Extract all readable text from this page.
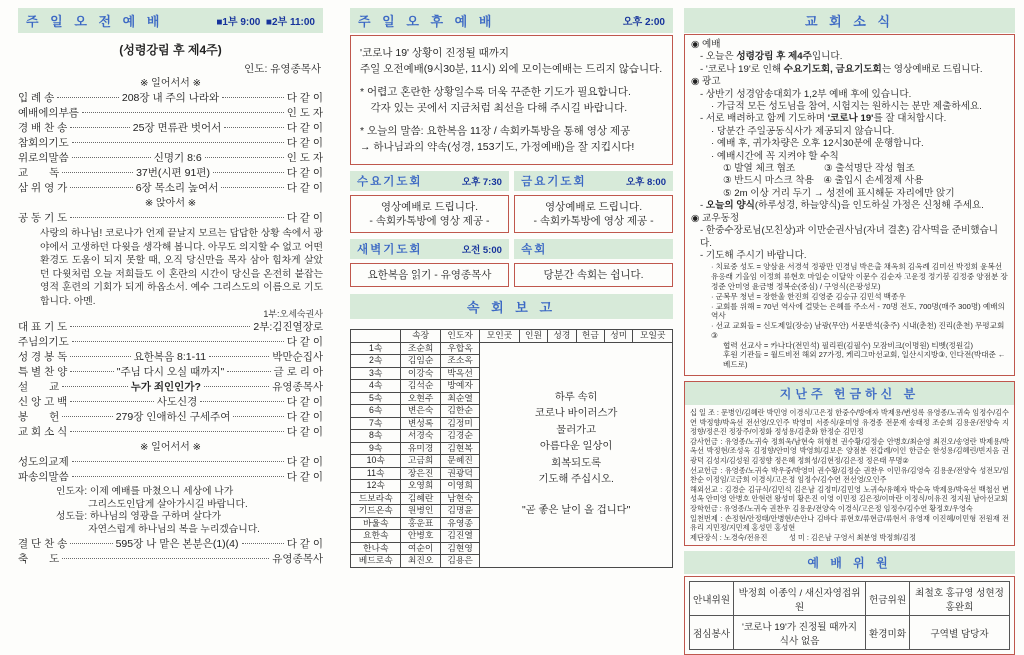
주 일 오 전 예 배	■1부 9:00  ■2부 11:00
(성령강림 후 제4주)
인도: 유영종목사
※ 일어서서 ※
입 례 송	208장 내 주의 나라와	다 같 이
예배에의부름	인 도 자
경 배 찬 송	25장 면류관 벗어서	다 같 이
참회의기도	다 같 이
위로의말씀	신명기 8:6	인 도 자
교　　독	37번(시편 91편)	다 같 이
삼 위 영 가	6장 목소리 높여서	다 같 이
※ 앉아서 ※
공 동 기 도	다 같 이
사랑의 하나님! 코로나가 언제 끝날지 모르는 답답한 상황 속에서 광야에서 고생하던 다윗을 생각해 봅니다. 아무도 의지할 수 없고 어떤 환경도 도움이 되지 못할 때, 오직 당신만을 목자 삼아 힘차게 살았던 다윗처럼 오늘 저희들도 이 혼란의 시간이 당신을 온전히 붙잡는 영적 훈련의 기회가 되게 하옵소서. 예수 그리스도의 이름으로 기도합니다. 아멘.
1부:오세숙권사
대 표 기 도	2부:김진열장로
주님의기도	다 같 이
성 경 봉 독	요한복음 8:1-11	박만순집사
특 별 찬 양	"주님 다시 오실 때까지"	글 로 리 아
설　　교	누가 죄인인가?	유영종목사
신 앙 고 백	사도신경	다 같 이
봉　　헌	279장 인애하신 구세주여	다 같 이
교 회 소 식	다 같 이
※ 일어서서 ※
성도의교제	다 같 이
파송의말씀	다 같 이
인도자: 이제 예배를 마쳤으니 세상에 나가
　　　 그리스도인답게 살아가시길 바랍니다.
성도들: 하나님의 영광을 구하며 살다가
　　　 자연스럽게 하나님의 복을 누리겠습니다.
결 단 찬 송	595장 나 맡은 본분은(1)(4)	다 같 이
축　　도	유영종목사
주 일 오 후 예 배	오후 2:00
'코로나 19' 상황이 진정될 때까지
주일 오전예배(9시30분, 11시) 외에 모이는예배는 드리지 않습니다.
* 어렵고 혼란한 상황일수록 더욱 꾸준한 기도가 필요합니다.
　각자 있는 곳에서 지금처럼 최선을 다해 주시길 바랍니다.
* 오늘의 말씀: 요한복음 11장 / 속회카톡방을 통해 영상 제공
→ 하나님과의 약속(성경, 153기도, 가정예배)을 잘 지킵시다!
수요기도회	오후 7:30
영상예배로 드립니다.
- 속회카톡방에 영상 제공 -
금요기도회	오후 8:00
영상예배로 드립니다.
- 속회카톡방에 영상 제공 -
새벽기도회	오전 5:00
요한복음 읽기 - 유영종목사
속회
당분간 속회는 쉽니다.
속 회 보 고
	속장	인도자	모인곳	인원	성경	헌금	성미	모일곳
1속	조순희	우합옥	
하루 속히
코로나 바이러스가
물러가고
아름다운 일상이
회복되도록
기도해 주십시오.
"곧 좋은 날이 올 겁니다"

2속	김임순	조소옥						
3속	이강숙	박옥선						
4속	김석순	방예자						
5속	오현주	최순열						
6속	변은숙	김한순						
7속	변성록	김정미						
8속	서경숙	김경순						
9속	유미경	김현복						
10속	고금희	문혜진						
11속	장은진	권광덕						
12속	오영희	이영희						
드보라속	김혜란	남현숙						
기드온속	원병인	김명윤						
바울속	홍운표	유영종						
요한속	안병호	김진열						
한나속	여순이	김현영						
베드로속	최진오	김용은						
교 회 소 식
◉ 예배
- 오늘은 성령강림 후 제4주입니다.
- '코로나 19'로 인해 수요기도회, 금요기도회는 영상예배로 드립니다.
◉ 광고
- 상반기 성경암송대회가 1,2부 예배 후에 있습니다.
· 가급적 모든 성도님을 참여, 시험지는 원하시는 분만 제출하세요.
- 서로 배려하고 함께 기도하며 '코로나 19'를 잘 대처합시다.
· 당분간 주일공동식사가 제공되지 않습니다.
· 예배 후, 귀가차량은 오후 12시30분에 운행합니다.
· 예배시간에 꼭 지켜야 할 수칙
① 발열 체크 협조　　　③ 출석명단 작성 협조
③ 반드시 마스크 착용　④ 출입시 손세정제 사용
⑤ 2m 이상 거리 두기 → 성전에 표시해둔 자리에만 앉기
- 오늘의 양식(하루성경, 하늘양식)을 인도하실 가정은 신청해 주세요.
◉ 교우동정
- 한중수장로님(모친상)과 이만순권사님(자녀 결혼) 감사떡을 준비했습니다.
- 기도해 주시기 바랍니다.
· 치료중 성도 = 양삼윤 서경석 정광만 민경님 박은출 채옥희 김옥례 김미선 박정희 윤복선 유응래 기을임 이정희 류현호 마일순 이달악 이문수 김순자 고운정 정기봉 김정중 양점분 장정준 안미영 윤금병 정복순(중심) / 구영식(은광성모)
· 군복무 청년 = 장한울 한진희 김영준 김승규 김민석 백종우
· 교회를 위해 = 70년 역사에 걸맞는 은혜를 주소서 - 70명 전도, 700명(매주 300명) 예배의 역사
· 선교 교회들 = 신도제일(장승) 남광(무안) 서문반석(충주) 시내(춘천) 진리(춘천) 무평교회③
협력 선교사 = 카나다(전민석) 필리핀(김필수) 모잠비크(이명원) 티벳(정원길)
후원 기관들 = 월드비전 해외 27가정, 케리그마선교회, 일산시지방③, 인다전(박대준 ← 베드로)
지난주 헌금하신 분
십 일 조 : 문병인/김혜란 박민영 이경식/고은정 한중수/방애자 박제용/변성록 유영종/노귀숙 임정수/김수연 박정향/박옥선 전선영/오인주 박영미 서종식/윤미영 유경종 전문재 송태정 조순희 김용운/전양숙 지정향/정은진 정장주/이정화 정성용/김춘화 한정순 김민정
감사헌금 : 유영종/노귀숙 정희욱/남현숙 허형천 권수황/김정순 안병호/최순영 최진오/송영란 박제용/박옥선 박정현/조성욱 김정향/안미영 박영희/김보은 양점분 전갑례/이인 한금순 한성용/김혜린/빈지음 권광덕 김성지/김성원 김정향 정은혜 정희성/김현정/김은정 정은태 무명②
선교헌금 : 유영종/노귀숙 박우중/박영미 권수황/김정순 권찬우 이민유/김영숙 김용운/전양숙 성전모/임찬순 이정임/고금희 이경식/고은정 임정수/김수연 전선영/오인주
해외선교 : 김경순 김규식/김민석 김은남 김정미/김민영 노귀숙/유혜자 박순옥 박제용/박옥선 백철선 변성옥 안미영 안병호 안현련 왕성미 황은진 이영 이민정 김은정/이마란 이정식/이유진 정지원 남아선교회
장학헌금 : 유영종/노귀숙 권찬우 김용운/전양숙 이경식/고은정 임정수/김수연 황정호/우영숙
일천번제 : 손정현/안정태/안병현/손안나 김바다 류현호/류현금/류현서 유영재 이진혜/이민형 전원재 전유리 지민정/지민제 홍성민 홍성현
제단장식 : 노경숙/전유진　　　성 미 : 김은남 구영서 최분영 박정희/김정
예 배 위 원
안내위원	박정희 이종익 / 새신자영접위원	헌금위원	최철호 홍규영 성현정 홍완희
점심봉사	'코로나 19'가 진정될 때까지 식사 없음	환경미화	구역별 담당자
